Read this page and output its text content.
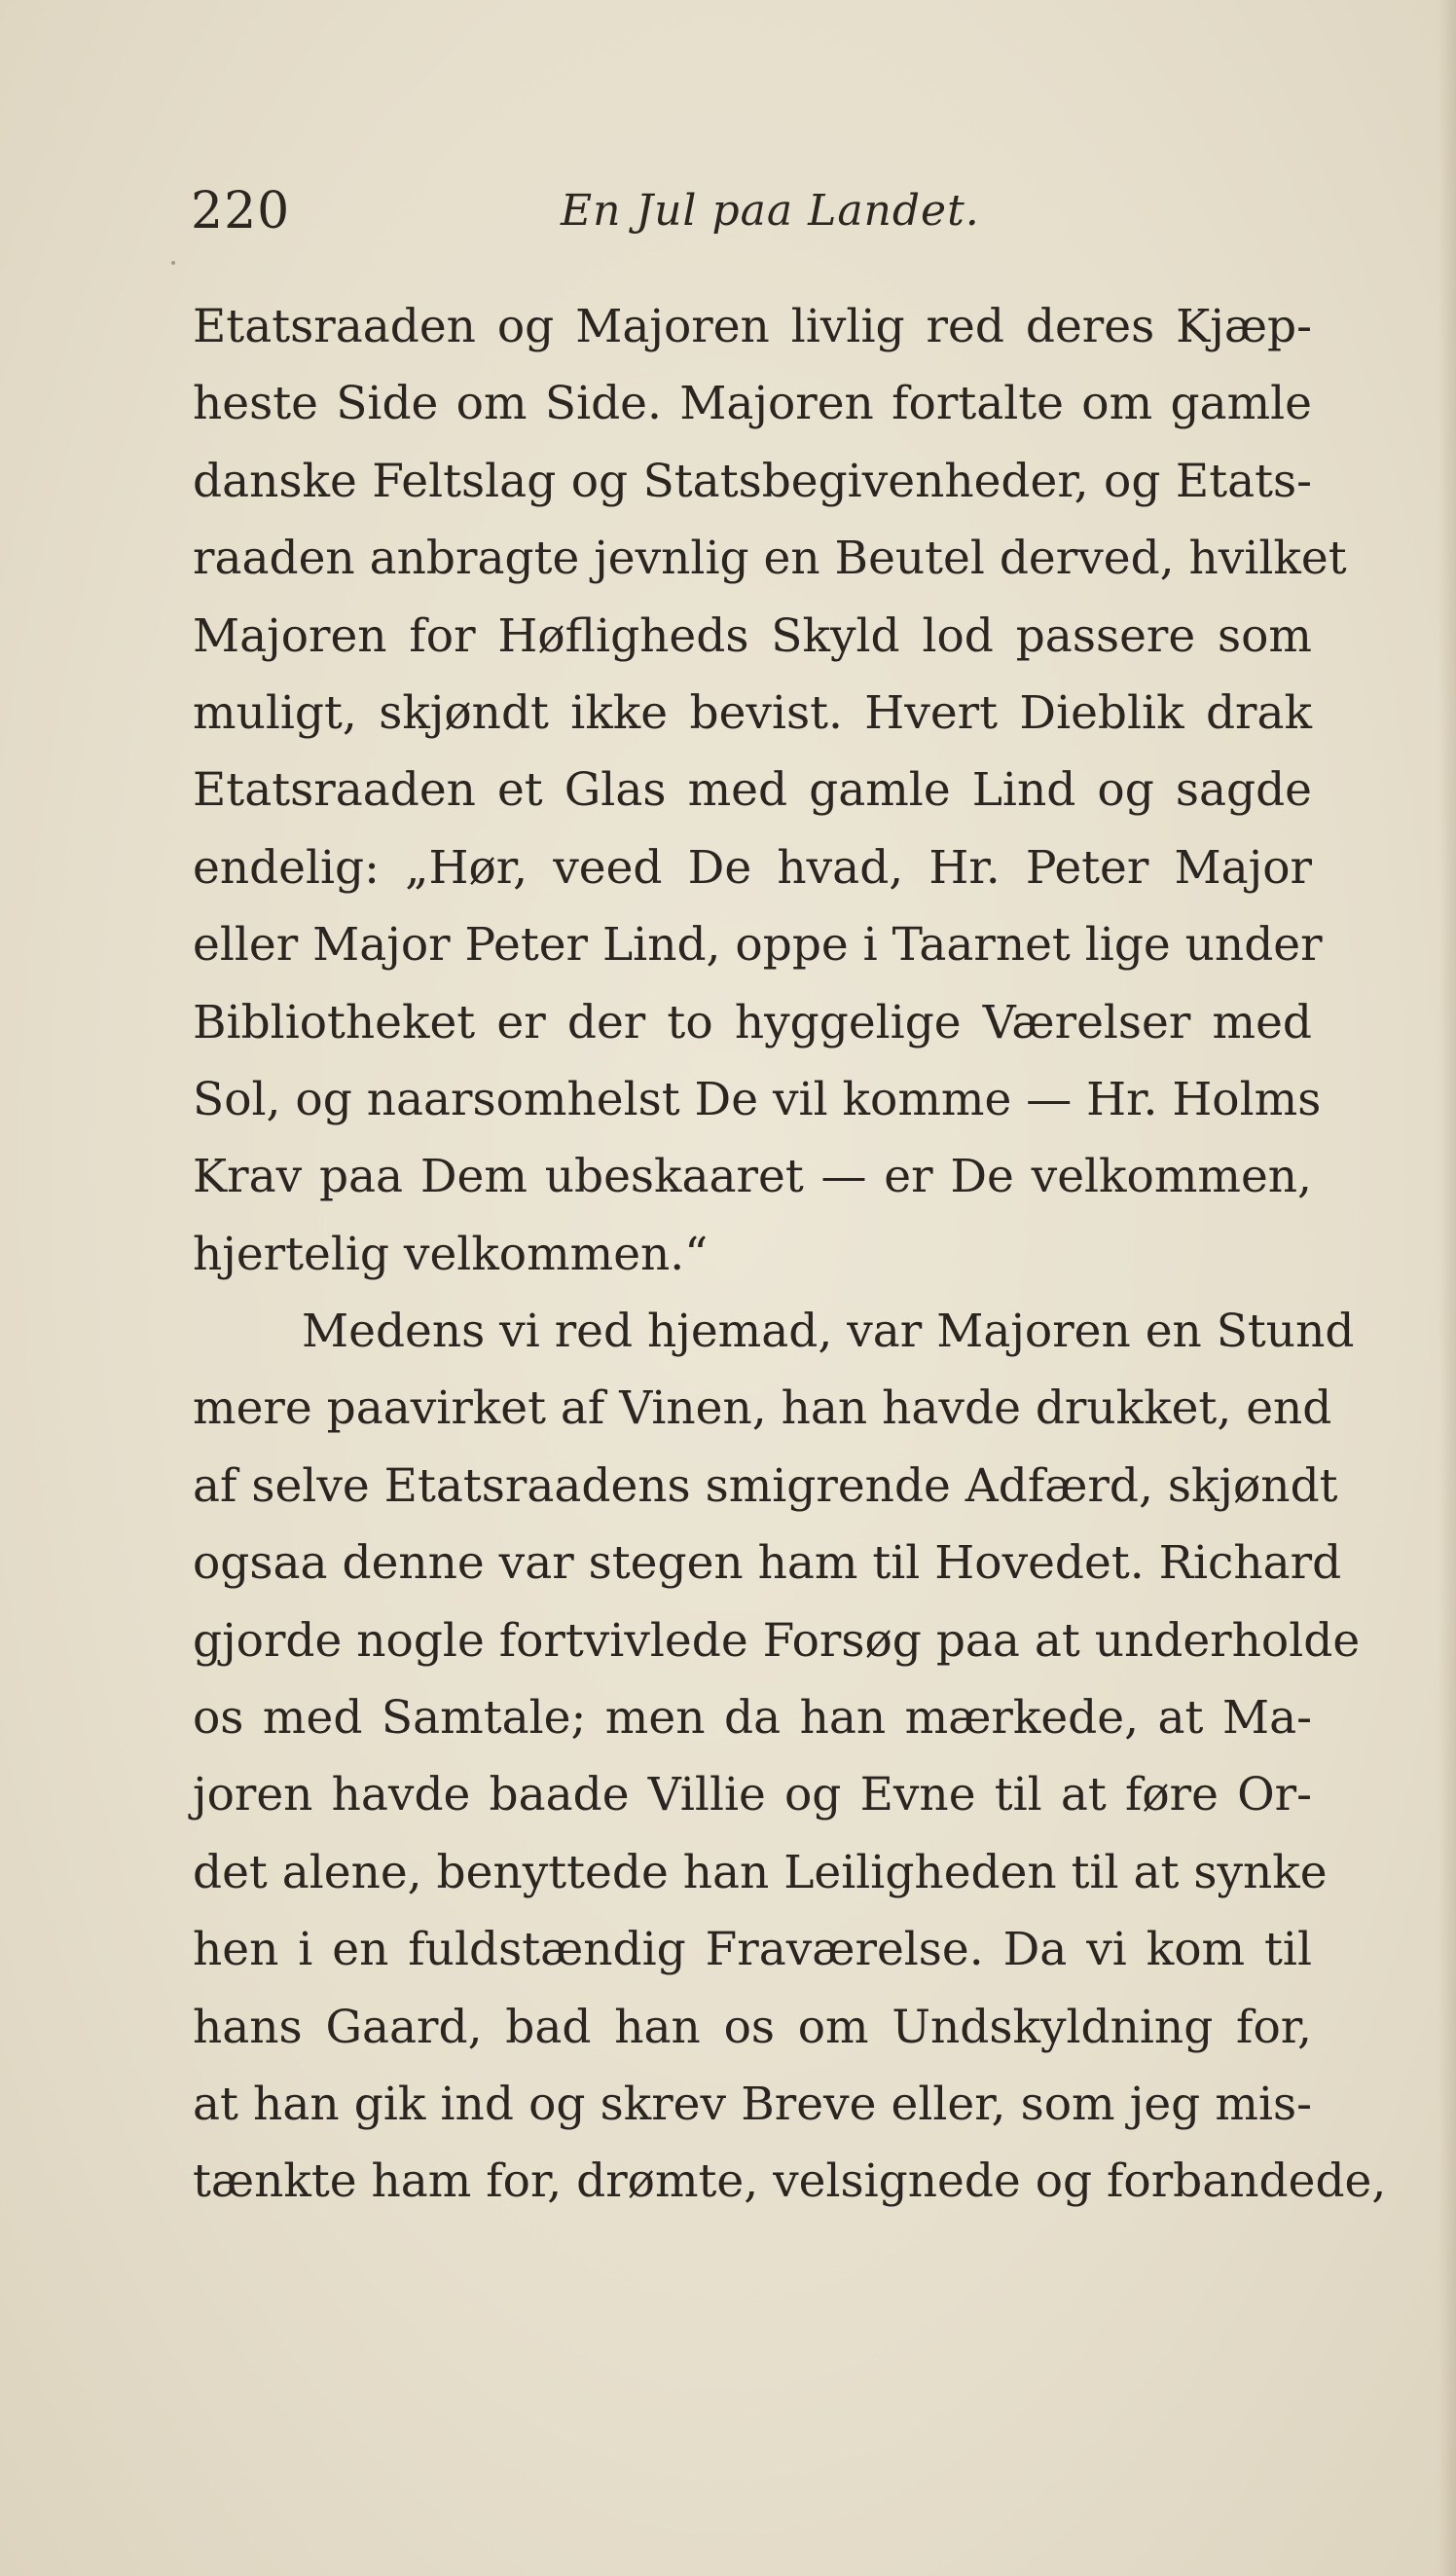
220	En Jul paa Landet.
Etatsraaden og Majoren livlig red deres Kjæp-
heste Side om Side. Majoren fortalte om gamle
danske Feltslag og Statsbegivenheder, og Etats-
raaden anbragte jevnlig en Beutel derved, hvilket
Majoren for Høfligheds Skyld lod passere som
muligt, skjøndt ikke bevist. Hvert Dieblik drak
Etatsraaden et Glas med gamle Lind og sagde
endelig: „Hør, veed De hvad, Hr. Peter Major
eller Major Peter Lind, oppe i Taarnet lige under
Bibliotheket er der to hyggelige Værelser med
Sol, og naarsomhelst De vil komme — Hr. Holms
Krav paa Dem ubeskaaret — er De velkommen,
hjertelig velkommen.“
Medens vi red hjemad, var Majoren en Stund
mere paavirket af Vinen, han havde drukket, end
af selve Etatsraadens smigrende Adfærd, skjøndt
ogsaa denne var stegen ham til Hovedet. Richard
gjorde nogle fortvivlede Forsøg paa at underholde
os med Samtale; men da han mærkede, at Ma-
joren havde baade Villie og Evne til at føre Or-
det alene, benyttede han Leiligheden til at synke
hen i en fuldstændig Fraværelse. Da vi kom til
hans Gaard, bad han os om Undskyldning for,
at han gik ind og skrev Breve eller, som jeg mis-
tænkte ham for, drømte, velsignede og forbandede,
